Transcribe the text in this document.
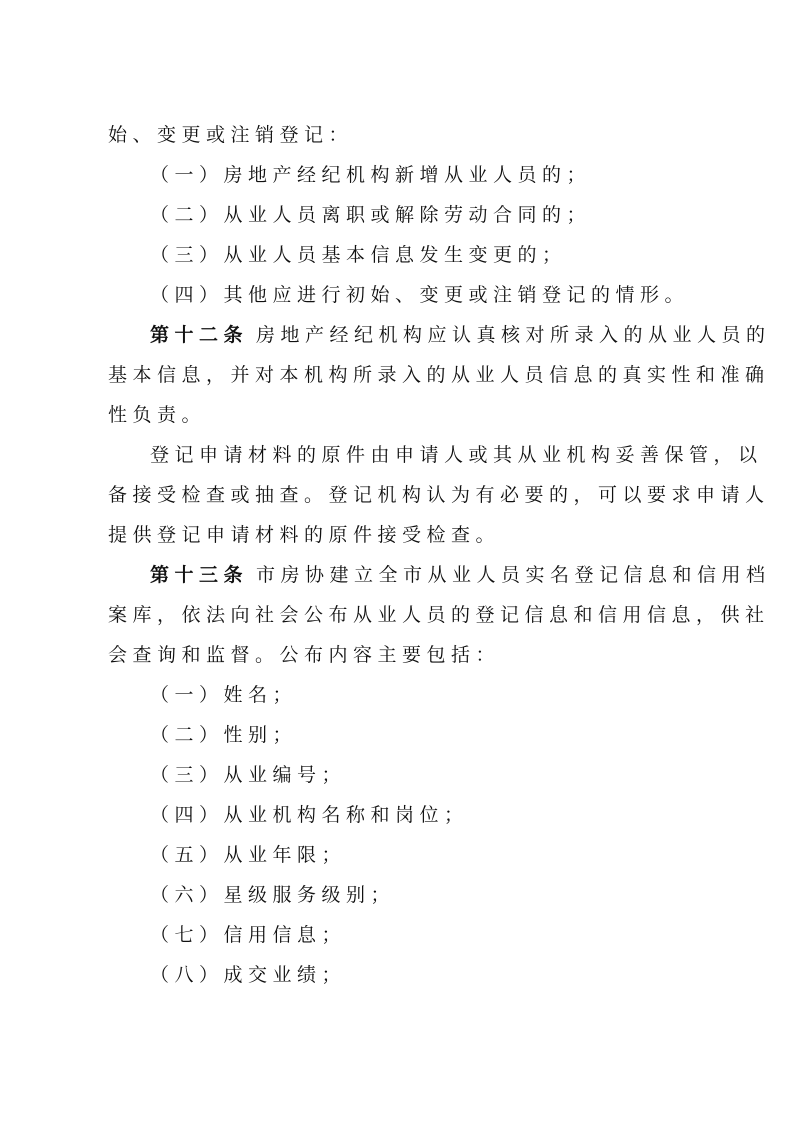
始、变更或注销登记：
（一）房地产经纪机构新增从业人员的；
（二）从业人员离职或解除劳动合同的；
（三）从业人员基本信息发生变更的；
（四）其他应进行初始、变更或注销登记的情形。
第十二条 房地产经纪机构应认真核对所录入的从业人员的
基本信息，并对本机构所录入的从业人员信息的真实性和准确
性负责。
登记申请材料的原件由申请人或其从业机构妥善保管，以
备接受检查或抽查。登记机构认为有必要的，可以要求申请人
提供登记申请材料的原件接受检查。
第十三条 市房协建立全市从业人员实名登记信息和信用档
案库，依法向社会公布从业人员的登记信息和信用信息，供社
会查询和监督。公布内容主要包括：
（一）姓名；
（二）性别；
（三）从业编号；
（四）从业机构名称和岗位；
（五）从业年限；
（六）星级服务级别；
（七）信用信息；
（八）成交业绩；
